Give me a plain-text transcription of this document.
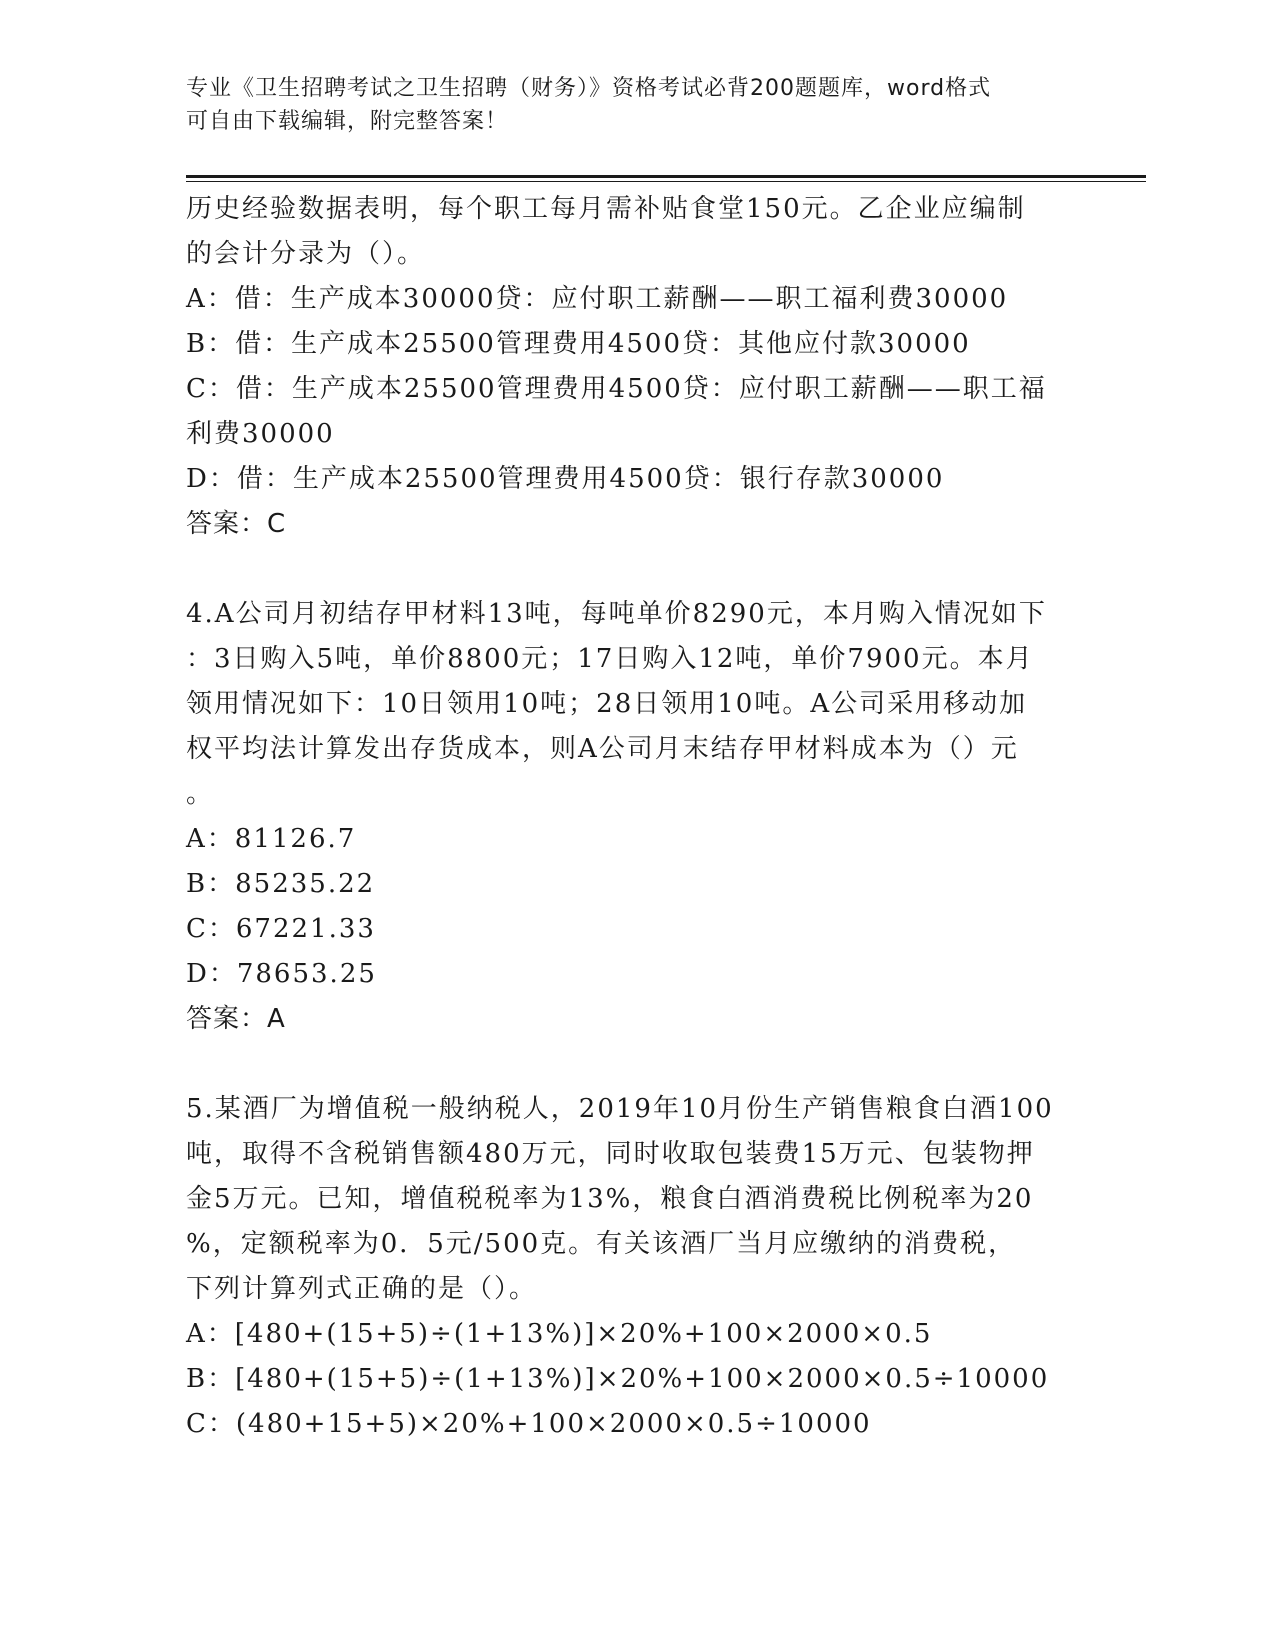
专业《卫生招聘考试之卫生招聘（财务）》资格考试必背200题题库，word格式
可自由下载编辑，附完整答案！
历史经验数据表明，每个职工每月需补贴食堂150元。乙企业应编制
的会计分录为（）。
A：借：生产成本30000贷：应付职工薪酬——职工福利费30000
B：借：生产成本25500管理费用4500贷：其他应付款30000
C：借：生产成本25500管理费用4500贷：应付职工薪酬——职工福
利费30000
D：借：生产成本25500管理费用4500贷：银行存款30000
答案：C
4.A公司月初结存甲材料13吨，每吨单价8290元，本月购入情况如下
：3日购入5吨，单价8800元；17日购入12吨，单价7900元。本月
领用情况如下：10日领用10吨；28日领用10吨。A公司采用移动加
权平均法计算发出存货成本，则A公司月末结存甲材料成本为（）元
。
A：81126.7
B：85235.22
C：67221.33
D：78653.25
答案：A
5.某酒厂为增值税一般纳税人，2019年10月份生产销售粮食白酒100
吨，取得不含税销售额480万元，同时收取包装费15万元、包装物押
金5万元。已知，增值税税率为13%，粮食白酒消费税比例税率为20
%，定额税率为0．5元/500克。有关该酒厂当月应缴纳的消费税，
下列计算列式正确的是（）。
A：[480+(15+5)÷(1+13%)]×20%+100×2000×0.5
B：[480+(15+5)÷(1+13%)]×20%+100×2000×0.5÷10000
C：(480+15+5)×20%+100×2000×0.5÷10000
